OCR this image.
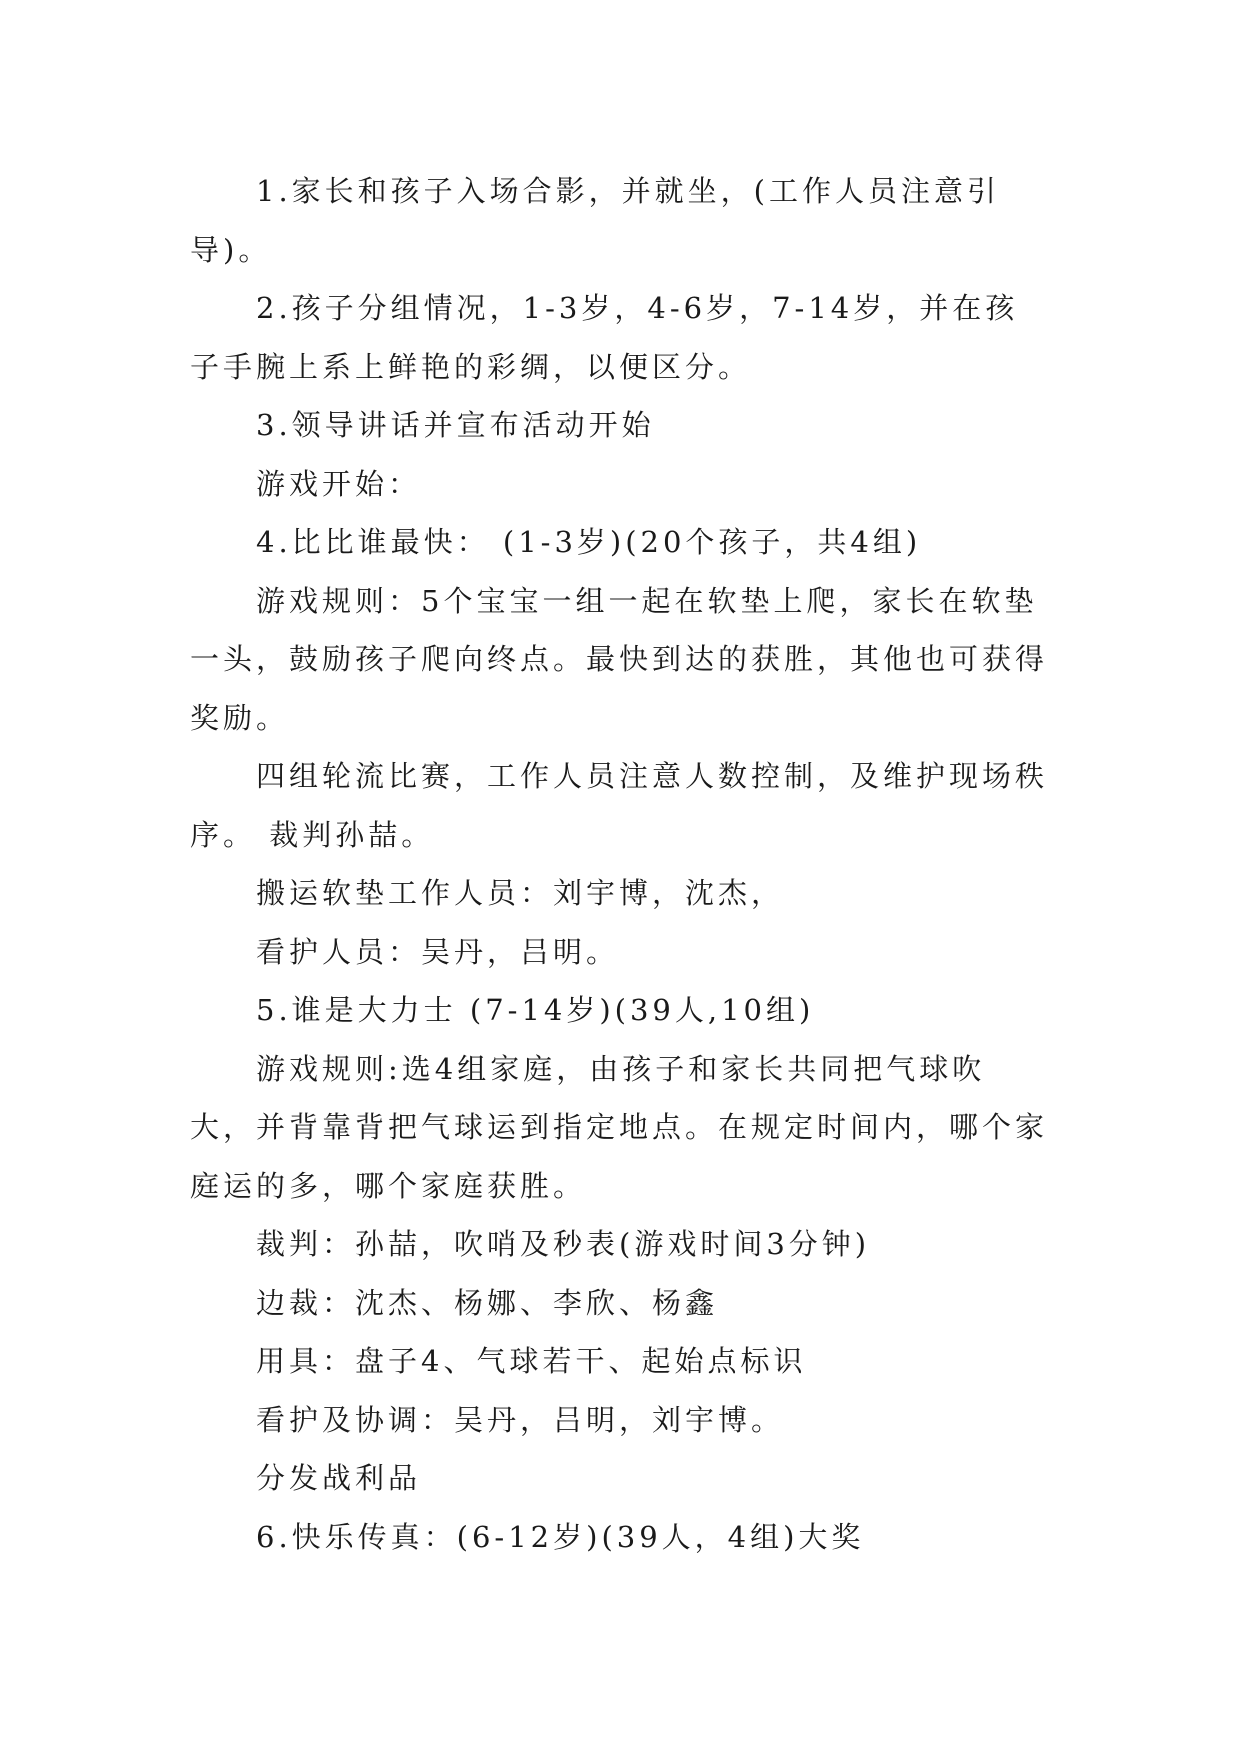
1.家长和孩子入场合影，并就坐，(工作人员注意引导)。

2.孩子分组情况，1-3岁，4-6岁，7-14岁，并在孩子手腕上系上鲜艳的彩绸，以便区分。

3.领导讲话并宣布活动开始

游戏开始：

4.比比谁最快： (1-3岁)(20个孩子，共4组)

游戏规则：5个宝宝一组一起在软垫上爬，家长在软垫一头，鼓励孩子爬向终点。最快到达的获胜，其他也可获得奖励。

四组轮流比赛，工作人员注意人数控制，及维护现场秩序。 裁判孙喆。

搬运软垫工作人员：刘宇博，沈杰，

看护人员：吴丹，吕明。

5.谁是大力士 (7-14岁)(39人,10组)

游戏规则:选4组家庭，由孩子和家长共同把气球吹大，并背靠背把气球运到指定地点。在规定时间内，哪个家庭运的多，哪个家庭获胜。

裁判：孙喆，吹哨及秒表(游戏时间3分钟)

边裁：沈杰、杨娜、李欣、杨鑫

用具：盘子4、气球若干、起始点标识

看护及协调：吴丹，吕明，刘宇博。

分发战利品

6.快乐传真：(6-12岁)(39人，4组)大奖
